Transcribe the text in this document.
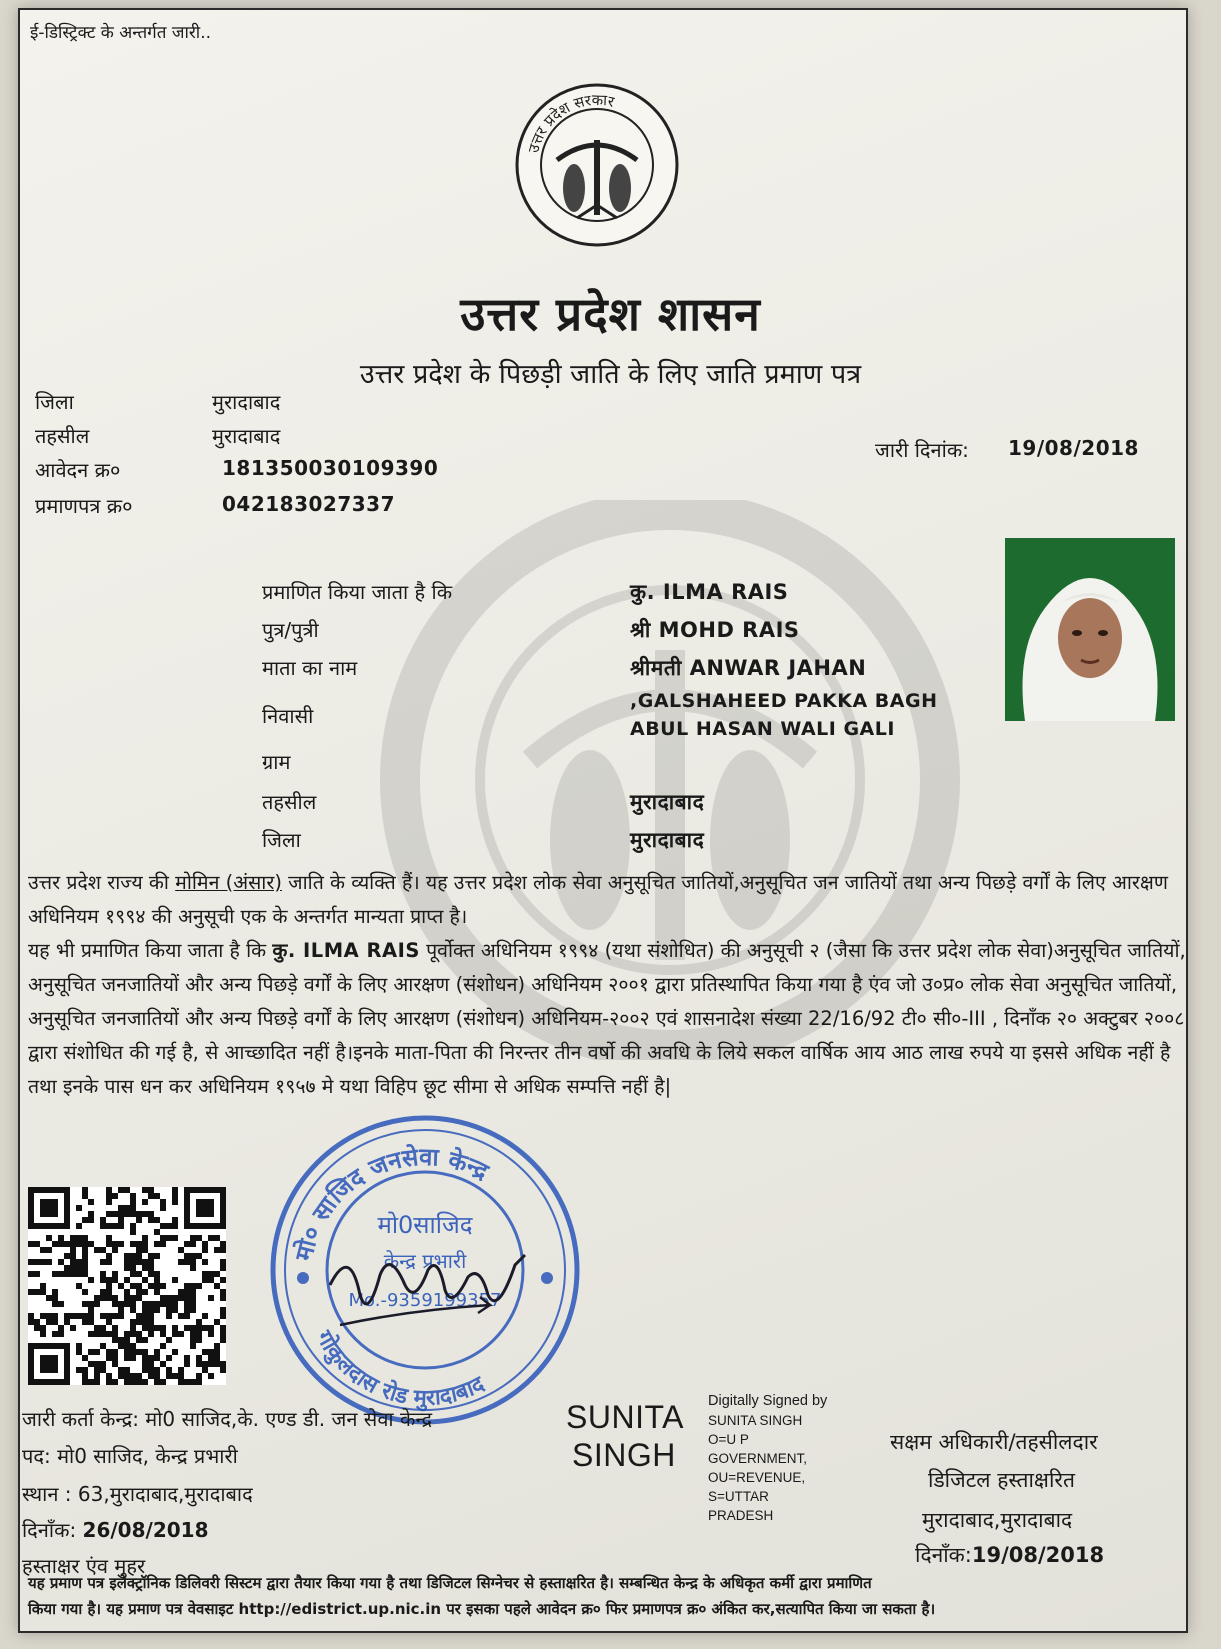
ई-डिस्ट्रिक्ट के अन्तर्गत जारी..
उत्तर प्रदेश सरकार
उत्तर प्रदेश शासन
उत्तर प्रदेश के पिछड़ी जाति के लिए जाति प्रमाण पत्र
जिला	मुरादाबाद
तहसील	मुरादाबाद
आवेदन क्र०	181350030109390
प्रमाणपत्र क्र०	042183027337
जारी दिनांक: 19/08/2018
प्रमाणित किया जाता है कि	कु. ILMA RAIS
पुत्र/पुत्री	श्री MOHD RAIS
माता का नाम	श्रीमती ANWAR JAHAN
निवासी
,GALSHAHEED PAKKA BAGH
ABUL HASAN WALI GALI
ग्राम
तहसील	मुरादाबाद
जिला	मुरादाबाद
उत्तर प्रदेश राज्य की मोमिन (अंसार) जाति के व्यक्ति हैं। यह उत्तर प्रदेश लोक सेवा अनुसूचित जातियों,अनुसूचित जन जातियों तथा अन्य पिछड़े वर्गों के लिए आरक्षण अधिनियम १९९४ की अनुसूची एक के अन्तर्गत मान्यता प्राप्त है।
यह भी प्रमाणित किया जाता है कि कु. ILMA RAIS पूर्वोक्त अधिनियम १९९४ (यथा संशोधित) की अनुसूची २ (जैसा कि उत्तर प्रदेश लोक सेवा)अनुसूचित जातियों, अनुसूचित जनजातियों और अन्य पिछड़े वर्गों के लिए आरक्षण (संशोधन) अधिनियम २००१ द्वारा प्रतिस्थापित किया गया है एंव जो उ०प्र० लोक सेवा अनुसूचित जातियों, अनुसूचित जनजातियों और अन्य पिछड़े वर्गों के लिए आरक्षण (संशोधन) अधिनियम-२००२ एवं शासनादेश संख्या 22/16/92 टी० सी०-III , दिनाँक २० अक्टुबर २००८ द्वारा संशोधित की गई है, से आच्छादित नहीं है।इनके माता-पिता की निरन्तर तीन वर्षो की अवधि के लिये सकल वार्षिक आय आठ लाख रुपये या इससे अधिक नहीं है तथा इनके पास धन कर अधिनियम १९५७ मे यथा विहिप छूट सीमा से अधिक सम्पत्ति नहीं है|
मो० साजिद जनसेवा केन्द्र
गोकुलदास रोड मुरादाबाद
मो0साजिद
केन्द्र प्रभारी
Mo.-9359199357
जारी कर्ता केन्द्र: मो0 साजिद,के. एण्ड डी. जन सेवा केन्द्र
पद: मो0 साजिद, केन्द्र प्रभारी
स्थान : 63,मुरादाबाद,मुरादाबाद
दिनाँक: 26/08/2018
हस्ताक्षर एंव मुहर
SUNITA
SINGH
Digitally Signed by
SUNITA SINGH
O=U P
GOVERNMENT,
OU=REVENUE,
S=UTTAR
PRADESH
सक्षम अधिकारी/तहसीलदार
डिजिटल हस्ताक्षरित
मुरादाबाद,मुरादाबाद
दिनाँक:19/08/2018
यह प्रमाण पत्र इलेक्ट्रॉनिक डिलिवरी सिस्टम द्वारा तैयार किया गया है तथा डिजिटल सिग्नेचर से हस्ताक्षरित है। सम्बन्धित केन्द्र के अधिकृत कर्मी द्वारा प्रमाणित
किया गया है। यह प्रमाण पत्र वेवसाइट http://edistrict.up.nic.in पर इसका पहले आवेदन क्र० फिर प्रमाणपत्र क्र० अंकित कर,सत्यापित किया जा सकता है।
